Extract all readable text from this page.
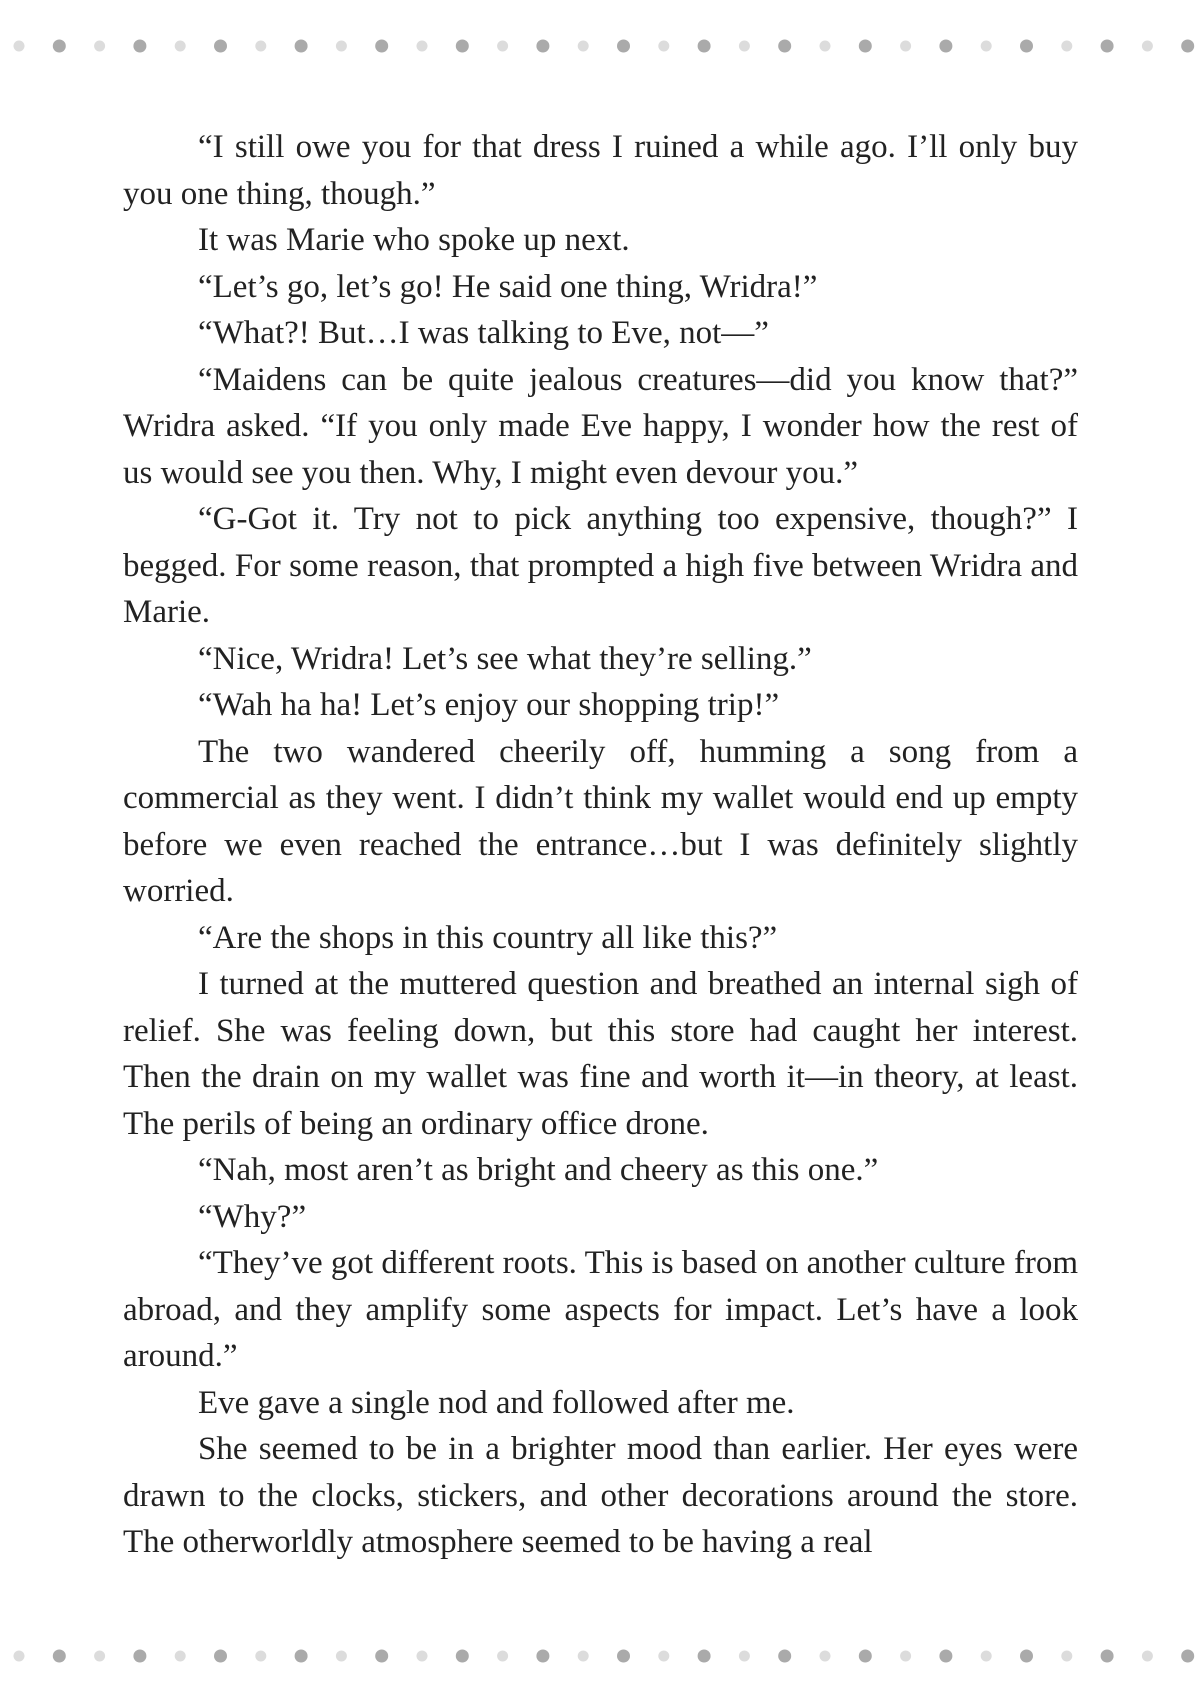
“I still owe you for that dress I ruined a while ago. I’ll only buy you one thing, though.”

It was Marie who spoke up next.

“Let’s go, let’s go! He said one thing, Wridra!”

“What?! But…I was talking to Eve, not—”

“Maidens can be quite jealous creatures—did you know that?” Wridra asked. “If you only made Eve happy, I wonder how the rest of us would see you then. Why, I might even devour you.”

“G-Got it. Try not to pick anything too expensive, though?” I begged. For some reason, that prompted a high five between Wridra and Marie.

“Nice, Wridra! Let’s see what they’re selling.”

“Wah ha ha! Let’s enjoy our shopping trip!”

The two wandered cheerily off, humming a song from a commercial as they went. I didn’t think my wallet would end up empty before we even reached the entrance…but I was definitely slightly worried.

“Are the shops in this country all like this?”

I turned at the muttered question and breathed an internal sigh of relief. She was feeling down, but this store had caught her interest. Then the drain on my wallet was fine and worth it—in theory, at least. The perils of being an ordinary office drone.

“Nah, most aren’t as bright and cheery as this one.”

“Why?”

“They’ve got different roots. This is based on another culture from abroad, and they amplify some aspects for impact. Let’s have a look around.”

Eve gave a single nod and followed after me.

She seemed to be in a brighter mood than earlier. Her eyes were drawn to the clocks, stickers, and other decorations around the store. The otherworldly atmosphere seemed to be having a real
